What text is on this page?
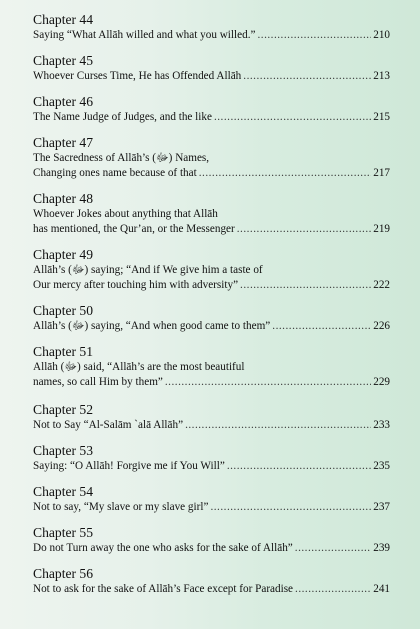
Chapter 44
Saying “What Allāh willed and what you willed.” .....	210
Chapter 45
Whoever Curses Time, He has Offended Allāh .....	213
Chapter 46
The Name Judge of Judges, and the like .....	215
Chapter 47
The Sacredness of Allāh’s (ﷻ) Names,
Changing ones name because of that .....	217
Chapter 48
Whoever Jokes about anything that Allāh
has mentioned, the Qur’an, or the Messenger .....	219
Chapter 49
Allāh’s (ﷻ) saying; “And if We give him a taste of
Our mercy after touching him with adversity” .....	222
Chapter 50
Allāh’s (ﷻ) saying, “And when good came to them” .....	226
Chapter 51
Allāh (ﷻ) said, “Allāh’s are the most beautiful
names, so call Him by them” .....	229
Chapter 52
Not to Say “Al-Salām `alā Allāh” .....	233
Chapter 53
Saying: “O Allāh! Forgive me if You Will” .....	235
Chapter 54
Not to say, “My slave or my slave girl” .....	237
Chapter 55
Do not Turn away the one who asks for the sake of Allāh” .....	239
Chapter 56
Not to ask for the sake of Allāh’s Face except for Paradise .....	241
